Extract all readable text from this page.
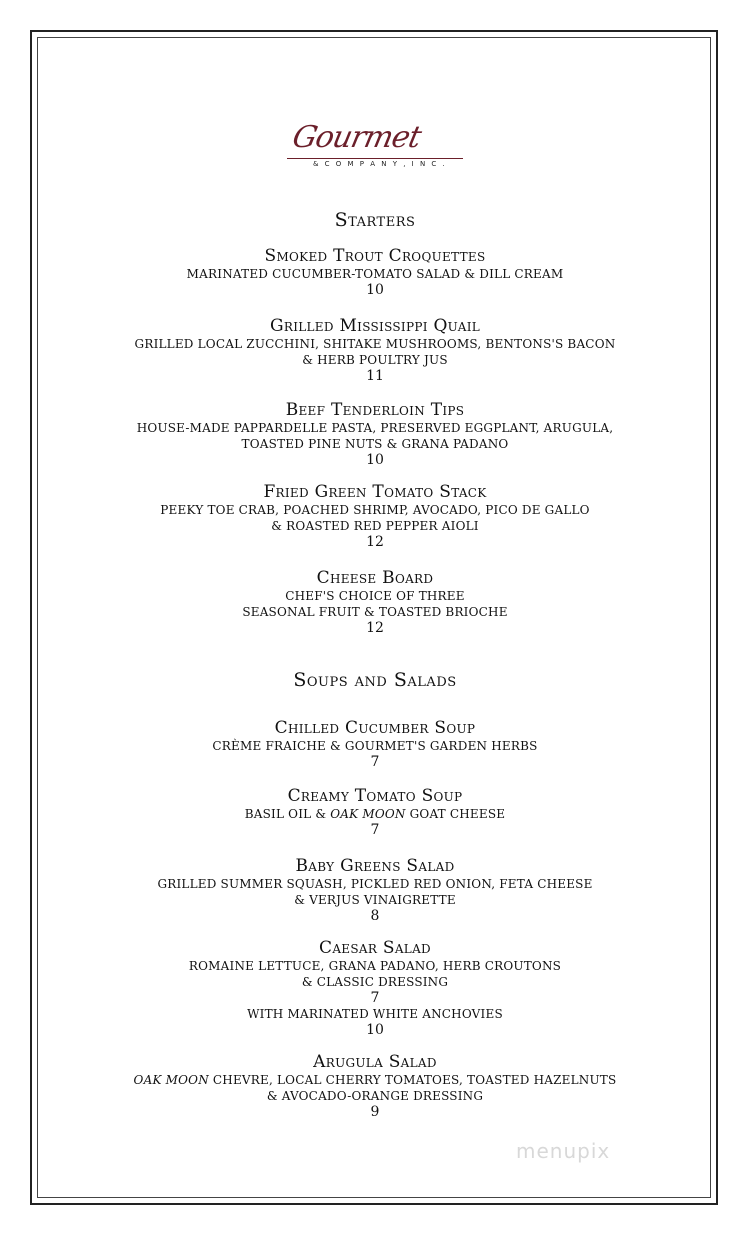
Gourmet
& C O M P A N Y , I N C .
Starters
Smoked Trout Croquettes
MARINATED CUCUMBER-TOMATO SALAD & DILL CREAM
10
Grilled Mississippi Quail
GRILLED LOCAL ZUCCHINI, SHITAKE MUSHROOMS, BENTONS'S BACON
& HERB POULTRY JUS
11
Beef Tenderloin Tips
HOUSE-MADE PAPPARDELLE PASTA, PRESERVED EGGPLANT, ARUGULA,
TOASTED PINE NUTS & GRANA PADANO
10
Fried Green Tomato Stack
PEEKY TOE CRAB, POACHED SHRIMP, AVOCADO, PICO DE GALLO
& ROASTED RED PEPPER AIOLI
12
Cheese Board
CHEF'S CHOICE OF THREE
SEASONAL FRUIT & TOASTED BRIOCHE
12
Soups and Salads
Chilled Cucumber Soup
CRÈME FRAICHE & GOURMET'S GARDEN HERBS
7
Creamy Tomato Soup
BASIL OIL & OAK MOON GOAT CHEESE
7
Baby Greens Salad
GRILLED SUMMER SQUASH, PICKLED RED ONION, FETA CHEESE
& VERJUS VINAIGRETTE
8
Caesar Salad
ROMAINE LETTUCE, GRANA PADANO, HERB CROUTONS
& CLASSIC DRESSING
7
WITH MARINATED WHITE ANCHOVIES
10
Arugula Salad
OAK MOON CHEVRE, LOCAL CHERRY TOMATOES, TOASTED HAZELNUTS
& AVOCADO-ORANGE DRESSING
9
menupix
